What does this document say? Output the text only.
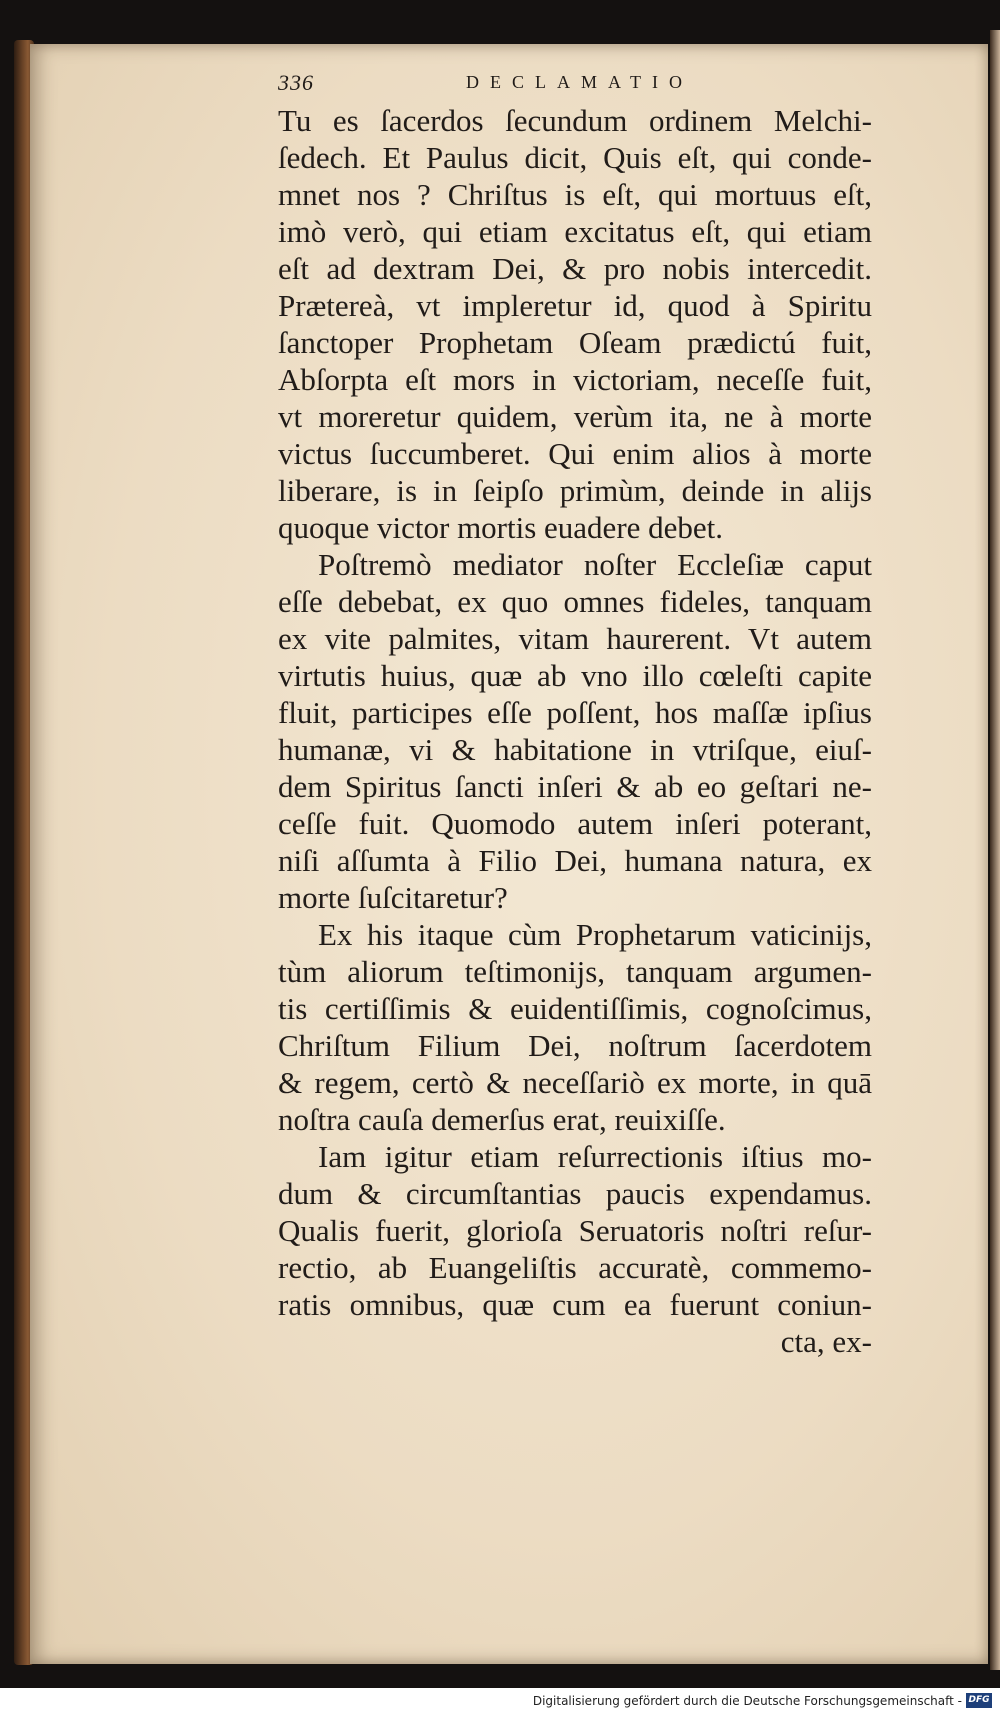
336	DECLAMATIO
Tu es ſacerdos ſecundum ordinem Melchi-
ſedech. Et Paulus dicit, Quis eſt, qui conde-
mnet nos ? Chriſtus is eſt, qui mortuus eſt,
imò verò, qui etiam excitatus eſt, qui etiam
eſt ad dextram Dei, & pro nobis intercedit.
Prætereà, vt impleretur id, quod à Spiritu
ſanctoper Prophetam Oſeam prædictú fuit,
Abſorpta eſt mors in victoriam, neceſſe fuit,
vt moreretur quidem, verùm ita, ne à morte
victus ſuccumberet. Qui enim alios à morte
liberare, is in ſeipſo primùm, deinde in alijs
quoque victor mortis euadere debet.
Poſtremò mediator noſter Eccleſiæ caput
eſſe debebat, ex quo omnes fideles, tanquam
ex vite palmites, vitam haurerent. Vt autem
virtutis huius, quæ ab vno illo cœleſti capite
fluit, participes eſſe poſſent, hos maſſæ ipſius
humanæ, vi & habitatione in vtriſque, eiuſ-
dem Spiritus ſancti inſeri & ab eo geſtari ne-
ceſſe fuit. Quomodo autem inſeri poterant,
niſi aſſumta à Filio Dei, humana natura, ex
morte ſuſcitaretur?
Ex his itaque cùm Prophetarum vaticinijs,
tùm aliorum teſtimonijs, tanquam argumen-
tis certiſſimis & euidentiſſimis, cognoſcimus,
Chriſtum Filium Dei, noſtrum ſacerdotem
& regem, certò & neceſſariò ex morte, in quā
noſtra cauſa demerſus erat, reuixiſſe.
Iam igitur etiam reſurrectionis iſtius mo-
dum & circumſtantias paucis expendamus.
Qualis fuerit, glorioſa Seruatoris noſtri reſur-
rectio, ab Euangeliſtis accuratè, commemo-
ratis omnibus, quæ cum ea fuerunt coniun-
cta, ex-
Digitalisierung gefördert durch die Deutsche Forschungsgemeinschaft - DFG
